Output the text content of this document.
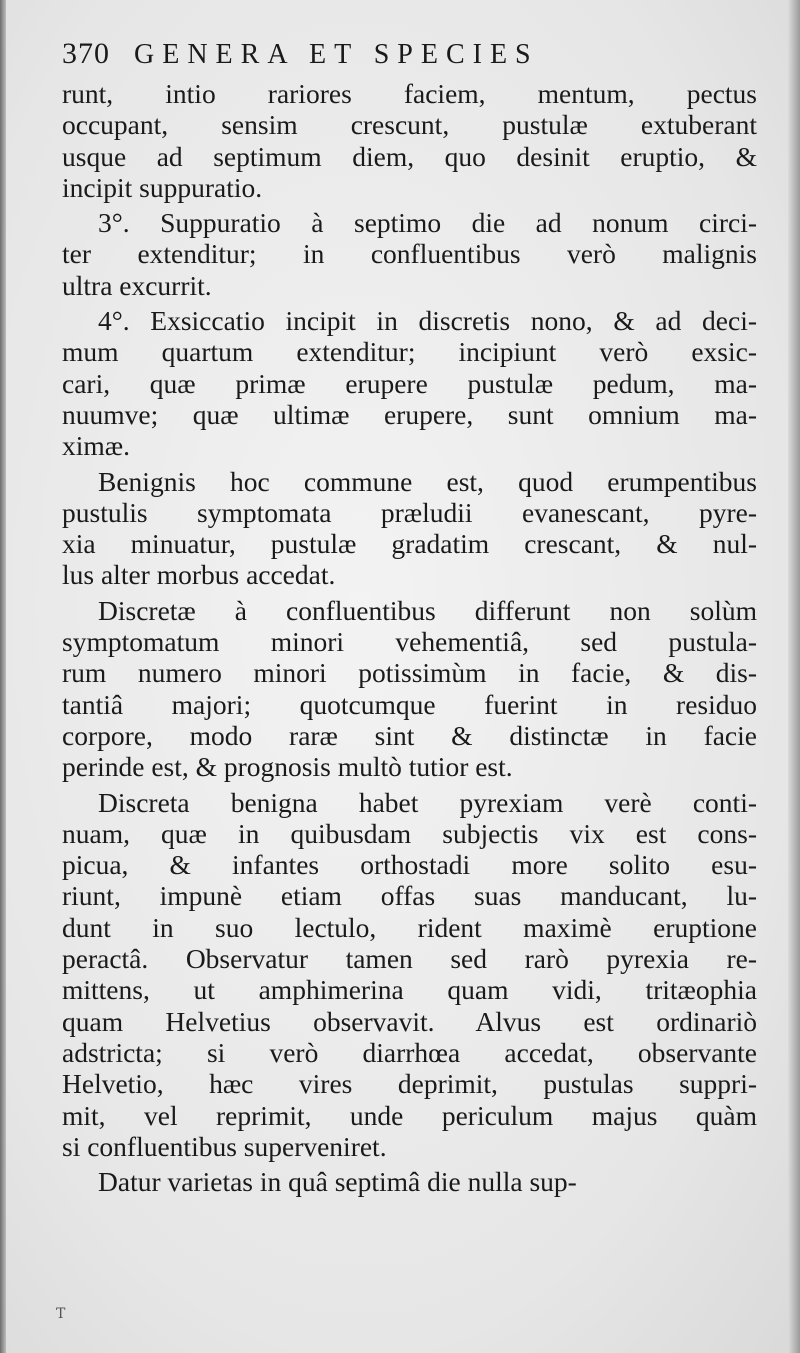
370 GENERA ET SPECIES
runt, intio rariores faciem, mentum, pectus
occupant, sensim crescunt, pustulæ extuberant
usque ad septimum diem, quo desinit eruptio, &
incipit suppuratio.
3°. Suppuratio à septimo die ad nonum circi-
ter extenditur; in confluentibus verò malignis
ultra excurrit.
4°. Exsiccatio incipit in discretis nono, & ad deci-
mum quartum extenditur; incipiunt verò exsic-
cari, quæ primæ erupere pustulæ pedum, ma-
nuumve; quæ ultimæ erupere, sunt omnium ma-
ximæ.
Benignis hoc commune est, quod erumpentibus
pustulis symptomata prӕludii evanescant, pyre-
xia minuatur, pustulæ gradatim crescant, & nul-
lus alter morbus accedat.
Discretæ à confluentibus differunt non solùm
symptomatum minori vehementiâ, sed pustula-
rum numero minori potissimùm in facie, & dis-
tantiâ majori; quotcumque fuerint in residuo
corpore, modo raræ sint & distinctæ in facie
perinde est, & prognosis multò tutior est.
Discreta benigna habet pyrexiam verè conti-
nuam, quæ in quibusdam subjectis vix est cons-
picua, & infantes orthostadi more solito esu-
riunt, impunè etiam offas suas manducant, lu-
dunt in suo lectulo, rident maximè eruptione
peractâ. Observatur tamen sed rarò pyrexia re-
mittens, ut amphimerina quam vidi, tritæophia
quam Helvetius observavit. Alvus est ordinariò
adstricta; si verò diarrhœa accedat, observante
Helvetio, hæc vires deprimit, pustulas suppri-
mit, vel reprimit, unde periculum majus quàm
si confluentibus superveniret.
Datur varietas in quâ septimâ die nulla sup-
T
